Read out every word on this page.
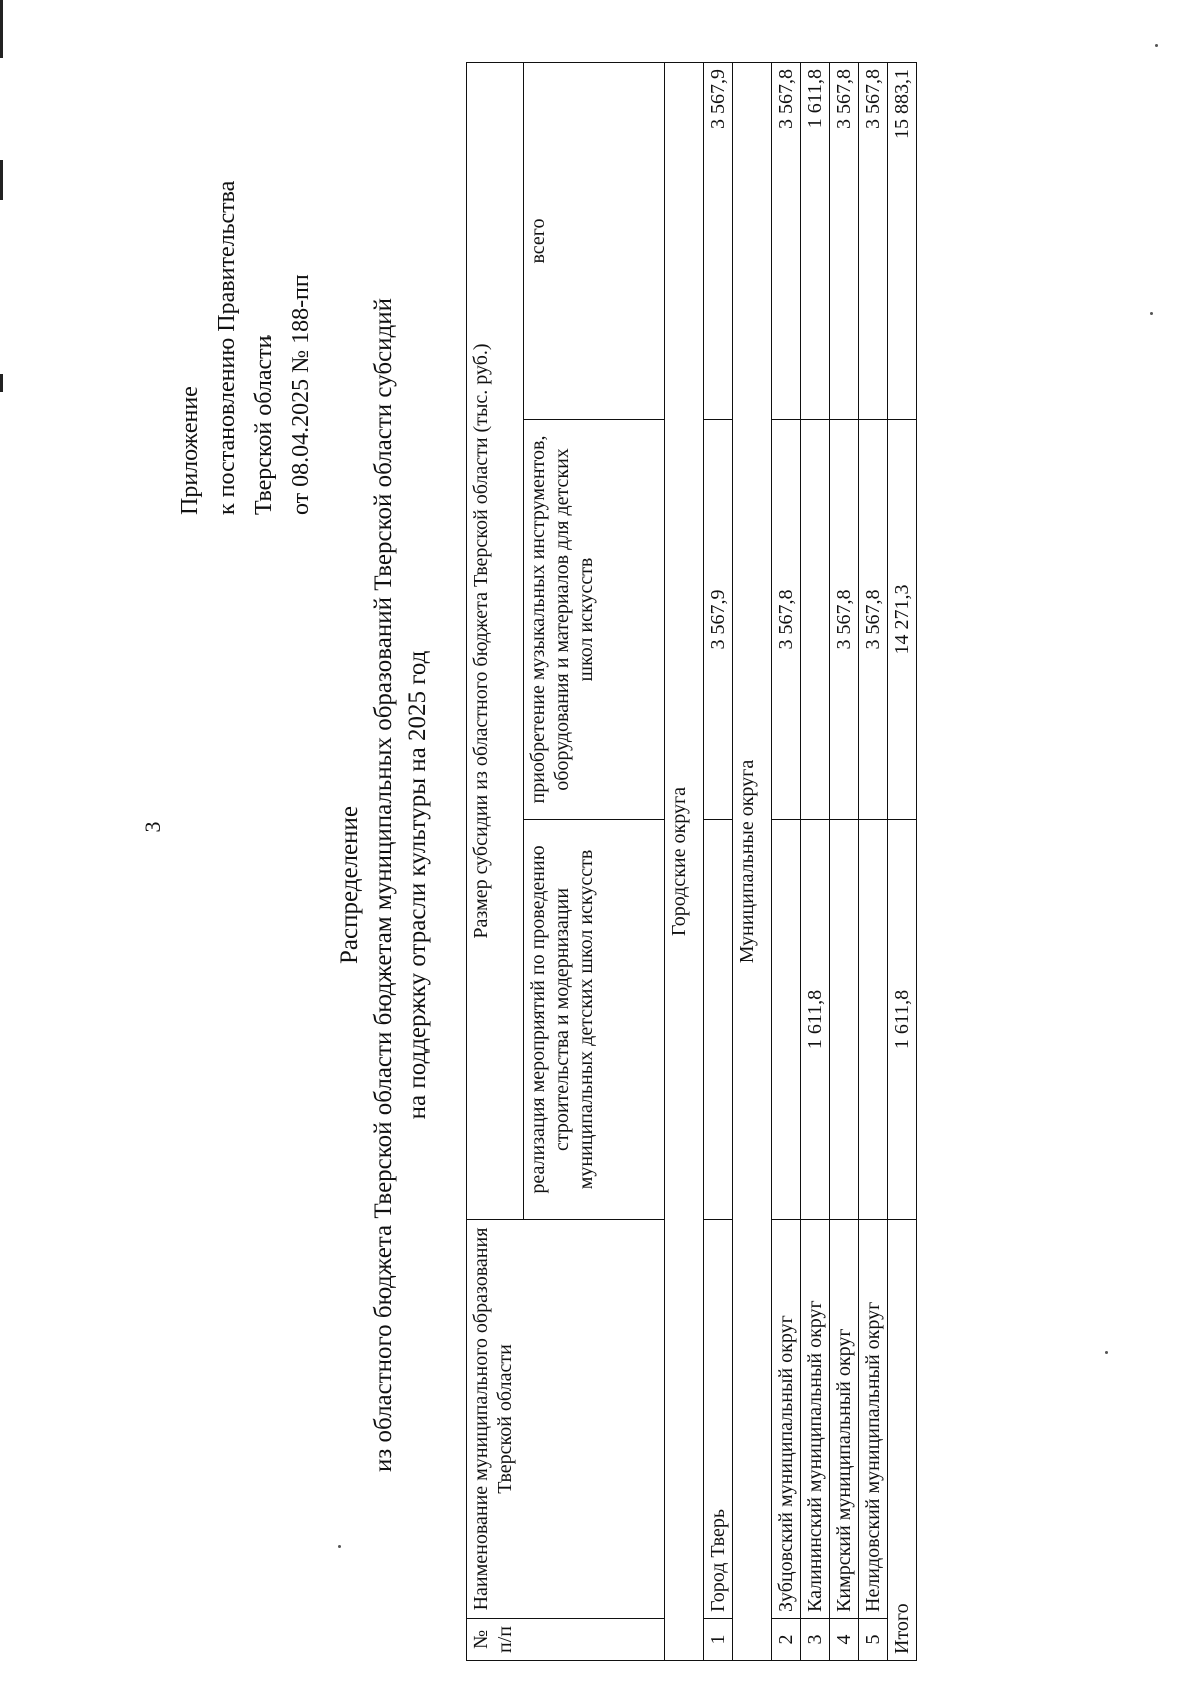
3
Приложение к постановлению Правительства Тверской области от 08.04.2025 № 188-пп
Распределение из областного бюджета Тверской области бюджетам муниципальных образований Тверской области субсидий на поддержку отрасли культуры на 2025 год
№ п/п	Наименование муниципального образования Тверской области	Размер субсидии из областного бюджета Тверской области (тыс. руб.)		
		реализация мероприятий по проведению строительства и модернизации муниципальных детских школ искусств	приобретение музыкальных инструментов, оборудования и материалов для детских школ искусств	всего
Городские округа				
1	Город Тверь		3 567,9	3 567,9
Муниципальные округа				
2	Зубцовский муниципальный округ		3 567,8	3 567,8
3	Калининский муниципальный округ	1 611,8		1 611,8
4	Кимрский муниципальный округ		3 567,8	3 567,8
5	Нелидовский муниципальный округ		3 567,8	3 567,8
Итого		1 611,8	14 271,3	15 883,1
